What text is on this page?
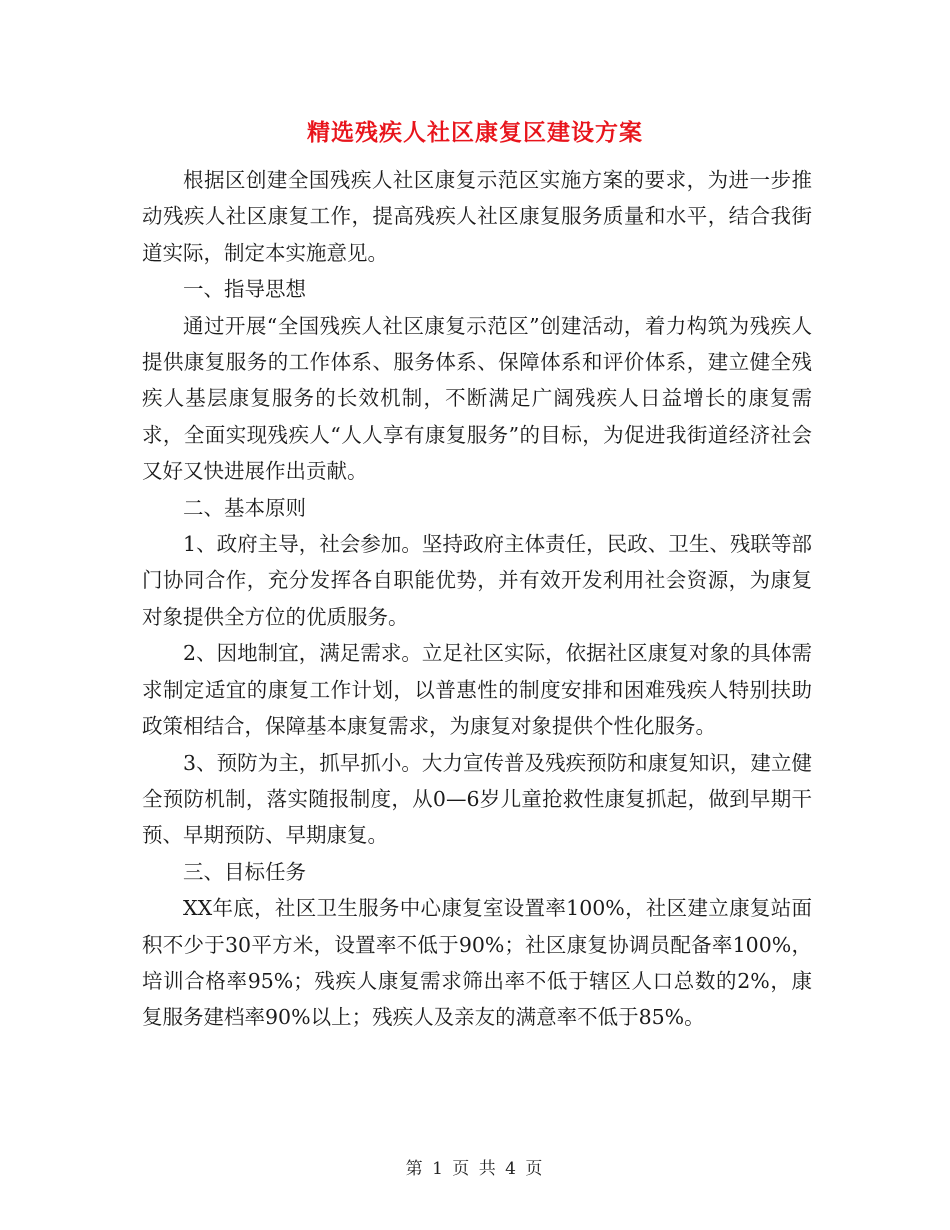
精选残疾人社区康复区建设方案

根据区创建全国残疾人社区康复示范区实施方案的要求，为进一步推动残疾人社区康复工作，提高残疾人社区康复服务质量和水平，结合我街道实际，制定本实施意见。

一、指导思想

通过开展“全国残疾人社区康复示范区”创建活动，着力构筑为残疾人提供康复服务的工作体系、服务体系、保障体系和评价体系，建立健全残疾人基层康复服务的长效机制，不断满足广阔残疾人日益增长的康复需求，全面实现残疾人“人人享有康复服务”的目标，为促进我街道经济社会又好又快进展作出贡献。

二、基本原则

1、政府主导，社会参加。坚持政府主体责任，民政、卫生、残联等部门协同合作，充分发挥各自职能优势，并有效开发利用社会资源，为康复对象提供全方位的优质服务。

2、因地制宜，满足需求。立足社区实际，依据社区康复对象的具体需求制定适宜的康复工作计划，以普惠性的制度安排和困难残疾人特别扶助政策相结合，保障基本康复需求，为康复对象提供个性化服务。

3、预防为主，抓早抓小。大力宣传普及残疾预防和康复知识，建立健全预防机制，落实随报制度，从0—6岁儿童抢救性康复抓起，做到早期干预、早期预防、早期康复。

三、目标任务

XX年底，社区卫生服务中心康复室设置率100%，社区建立康复站面积不少于30平方米，设置率不低于90%；社区康复协调员配备率100%，培训合格率95%；残疾人康复需求筛出率不低于辖区人口总数的2%，康复服务建档率90%以上；残疾人及亲友的满意率不低于85%。

第 1 页 共 4 页
